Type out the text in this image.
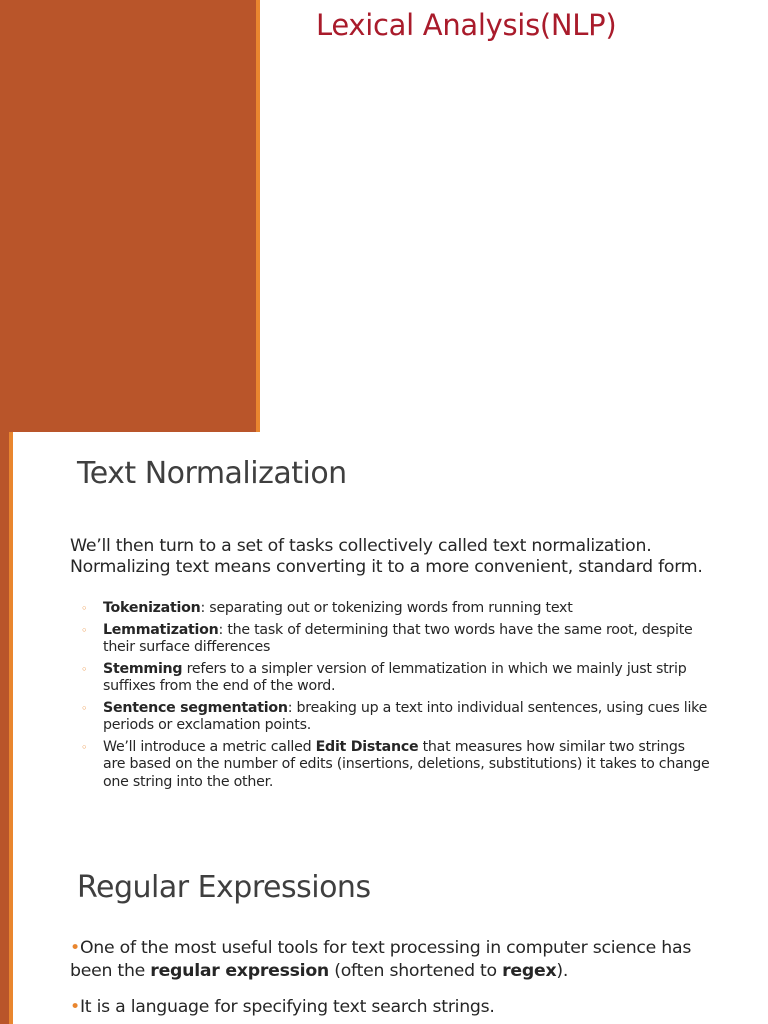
Lexical Analysis(NLP)
Text Normalization
We’ll then turn to a set of tasks collectively called text normalization. Normalizing text means converting it to a more convenient, standard form.
◦ Tokenization: separating out or tokenizing words from running text
◦ Lemmatization: the task of determining that two words have the same root, despite their surface differences
◦ Stemming refers to a simpler version of lemmatization in which we mainly just strip suffixes from the end of the word.
◦ Sentence segmentation: breaking up a text into individual sentences, using cues like periods or exclamation points.
◦ We’ll introduce a metric called Edit Distance that measures how similar two strings are based on the number of edits (insertions, deletions, substitutions) it takes to change one string into the other.
Regular Expressions
•One of the most useful tools for text processing in computer science has been the regular expression (often shortened to regex).
•It is a language for specifying text search strings.
